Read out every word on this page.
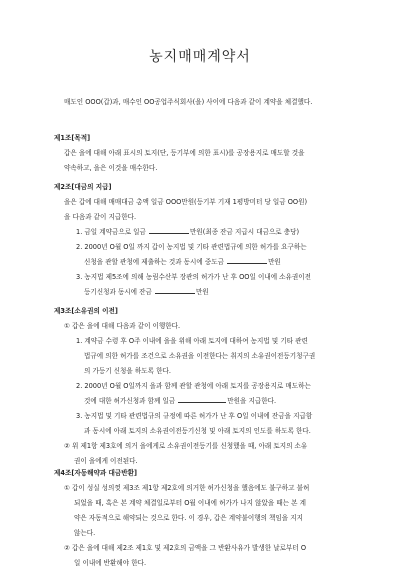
농지매매계약서
매도인 OOO(갑)과, 매수인 OO공업주식회사(을) 사이에 다음과 같이 계약을 체결했다.
제1조[목적]
갑은 을에 대해 아래 표시의 토지(단, 등기부에 의한 표시)를 공장용지로 매도할 것을
약속하고, 을은 이것을 매수한다.
제2조[대금의 지급]
을은 갑에 대해 매매대금 총액 일금 OOO만원(등기부 기재 1평방미터 당 일금 OO원)
을 다음과 같이 지급한다.
1. 금일 계약금으로 일금	만원(최종 잔금 지급시 대금으로 충당)
2. 2000년 O월 O일 까지 갑이 농지법 및 기타 관련법규에 의한 허가를 요구하는
신청을 관할 관청에 제출하는 것과 동시에 중도금	만원
3. 농지법 제5조에 의해 농림수산부 장관의 허가가 난 후 OO일 이내에 소유권이전
등기신청과 동시에 잔금	만원
제3조[소유권의 이전]
① 갑은 을에 대해 다음과 같이 이행한다.
1. 계약금 수령 후 O주 이내에 을을 위해 아래 토지에 대하여 농지법 및 기타 관련
법규에 의한 허가를 조건으로 소유권을 이전한다는 취지의 소유권이전등기청구권
의 가등기 신청을 하도록 한다.
2. 2000년 O월 O일까지 을과 함께 관할 관청에 아래 토지를 공장용지로 매도하는
것에 대한 허가신청과 함께 일금	만원을 지급한다.
3. 농지법 및 기타 관련법규의 규정에 따른 허가가 난 후 O일 이내에 잔금을 지급함
과 동시에 아래 토지의 소유권이전등기신청 및 아래 토지의 인도를 하도록 한다.
② 위 제1항 제3호에 의거 을에게로 소유권이전등기를 신청했을 때, 아래 토지의 소유
권이 을에게 이전된다.
제4조[자동해약과 대금반환]
① 갑이 성실 성의껏 제3조 제1항 제2호에 의거한 허가신청을 했음에도 불구하고 불허
되었을 때, 혹은 본 계약 체결일로부터 O월 이내에 허가가 나지 않았을 때는 본 계
약은 자동적으로 해약되는 것으로 한다. 이 경우, 갑은 계약불이행의 책임을 지지
않는다.
② 갑은 을에 대해 제2조 제1호 및 제2호의 금액을 그 반환사유가 발생한 날로부터 O
일 이내에 반환해야 한다.
